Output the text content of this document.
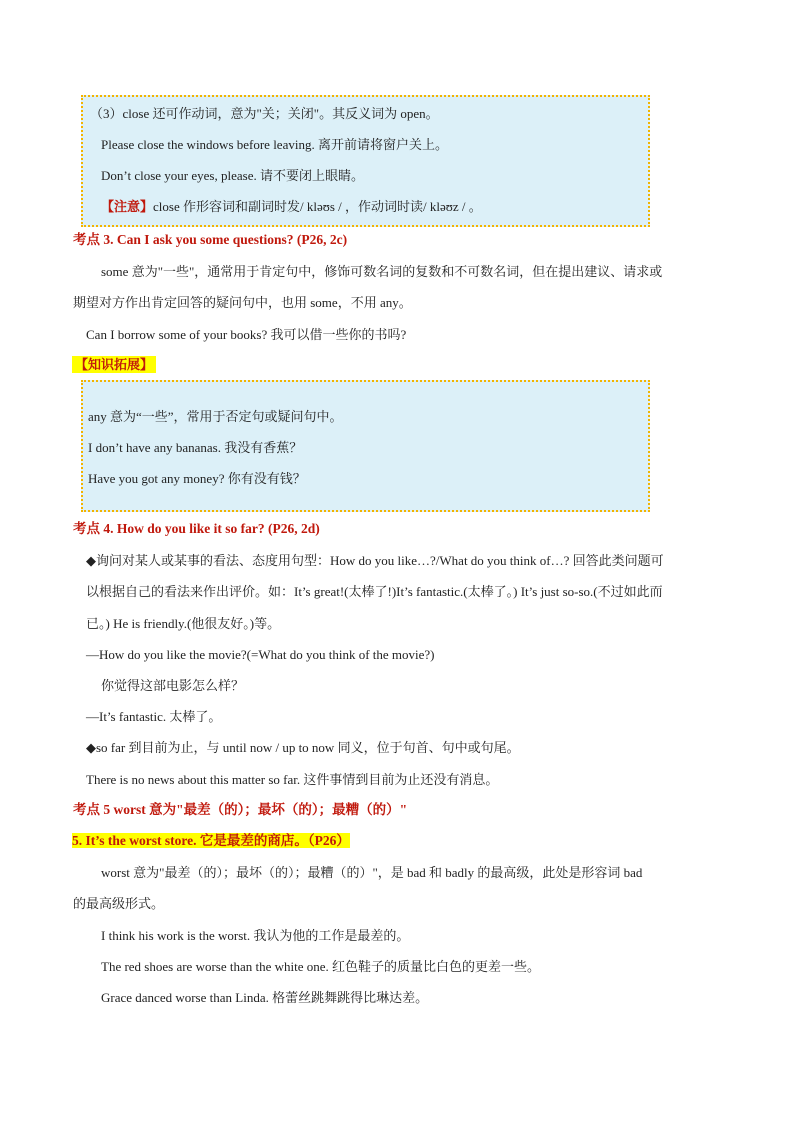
（3）close 还可作动词，意为"关；关闭"。其反义词为 open。
Please close the windows before leaving. 离开前请将窗户关上。
Don’t close your eyes, please. 请不要闭上眼睛。
【注意】close 作形容词和副词时发/ kləʊs / ，作动词时读/ kləʊz / 。
考点 3. Can I ask you some questions? (P26, 2c)
some 意为"一些"，通常用于肯定句中，修饰可数名词的复数和不可数名词，但在提出建议、请求或
期望对方作出肯定回答的疑问句中，也用 some，不用 any。
Can I borrow some of your books? 我可以借一些你的书吗?
【知识拓展】
any 意为“一些”，常用于否定句或疑问句中。
I don’t have any bananas. 我没有香蕉？
Have you got any money? 你有没有钱？
考点 4. How do you like it so far? (P26, 2d)
◆询问对某人或某事的看法、态度用句型：How do you like…?/What do you think of…? 回答此类问题可
以根据自己的看法来作出评价。如：It’s great!(太棒了!)It’s fantastic.(太棒了。) It’s just so-so.(不过如此而
已。) He is friendly.(他很友好。)等。
—How do you like the movie?(=What do you think of the movie?)
你觉得这部电影怎么样？
—It’s fantastic. 太棒了。
◆so far 到目前为止，与 until now / up to now 同义，位于句首、句中或句尾。
There is no news about this matter so far. 这件事情到目前为止还没有消息。
考点 5 worst 意为"最差（的）；最坏（的）；最糟（的）"
5. It’s the worst store. 它是最差的商店。（P26）
worst 意为"最差（的）；最坏（的）；最糟（的）"，是 bad 和 badly 的最高级，此处是形容词 bad
的最高级形式。
I think his work is the worst. 我认为他的工作是最差的。
The red shoes are worse than the white one. 红色鞋子的质量比白色的更差一些。
Grace danced worse than Linda. 格蕾丝跳舞跳得比琳达差。
